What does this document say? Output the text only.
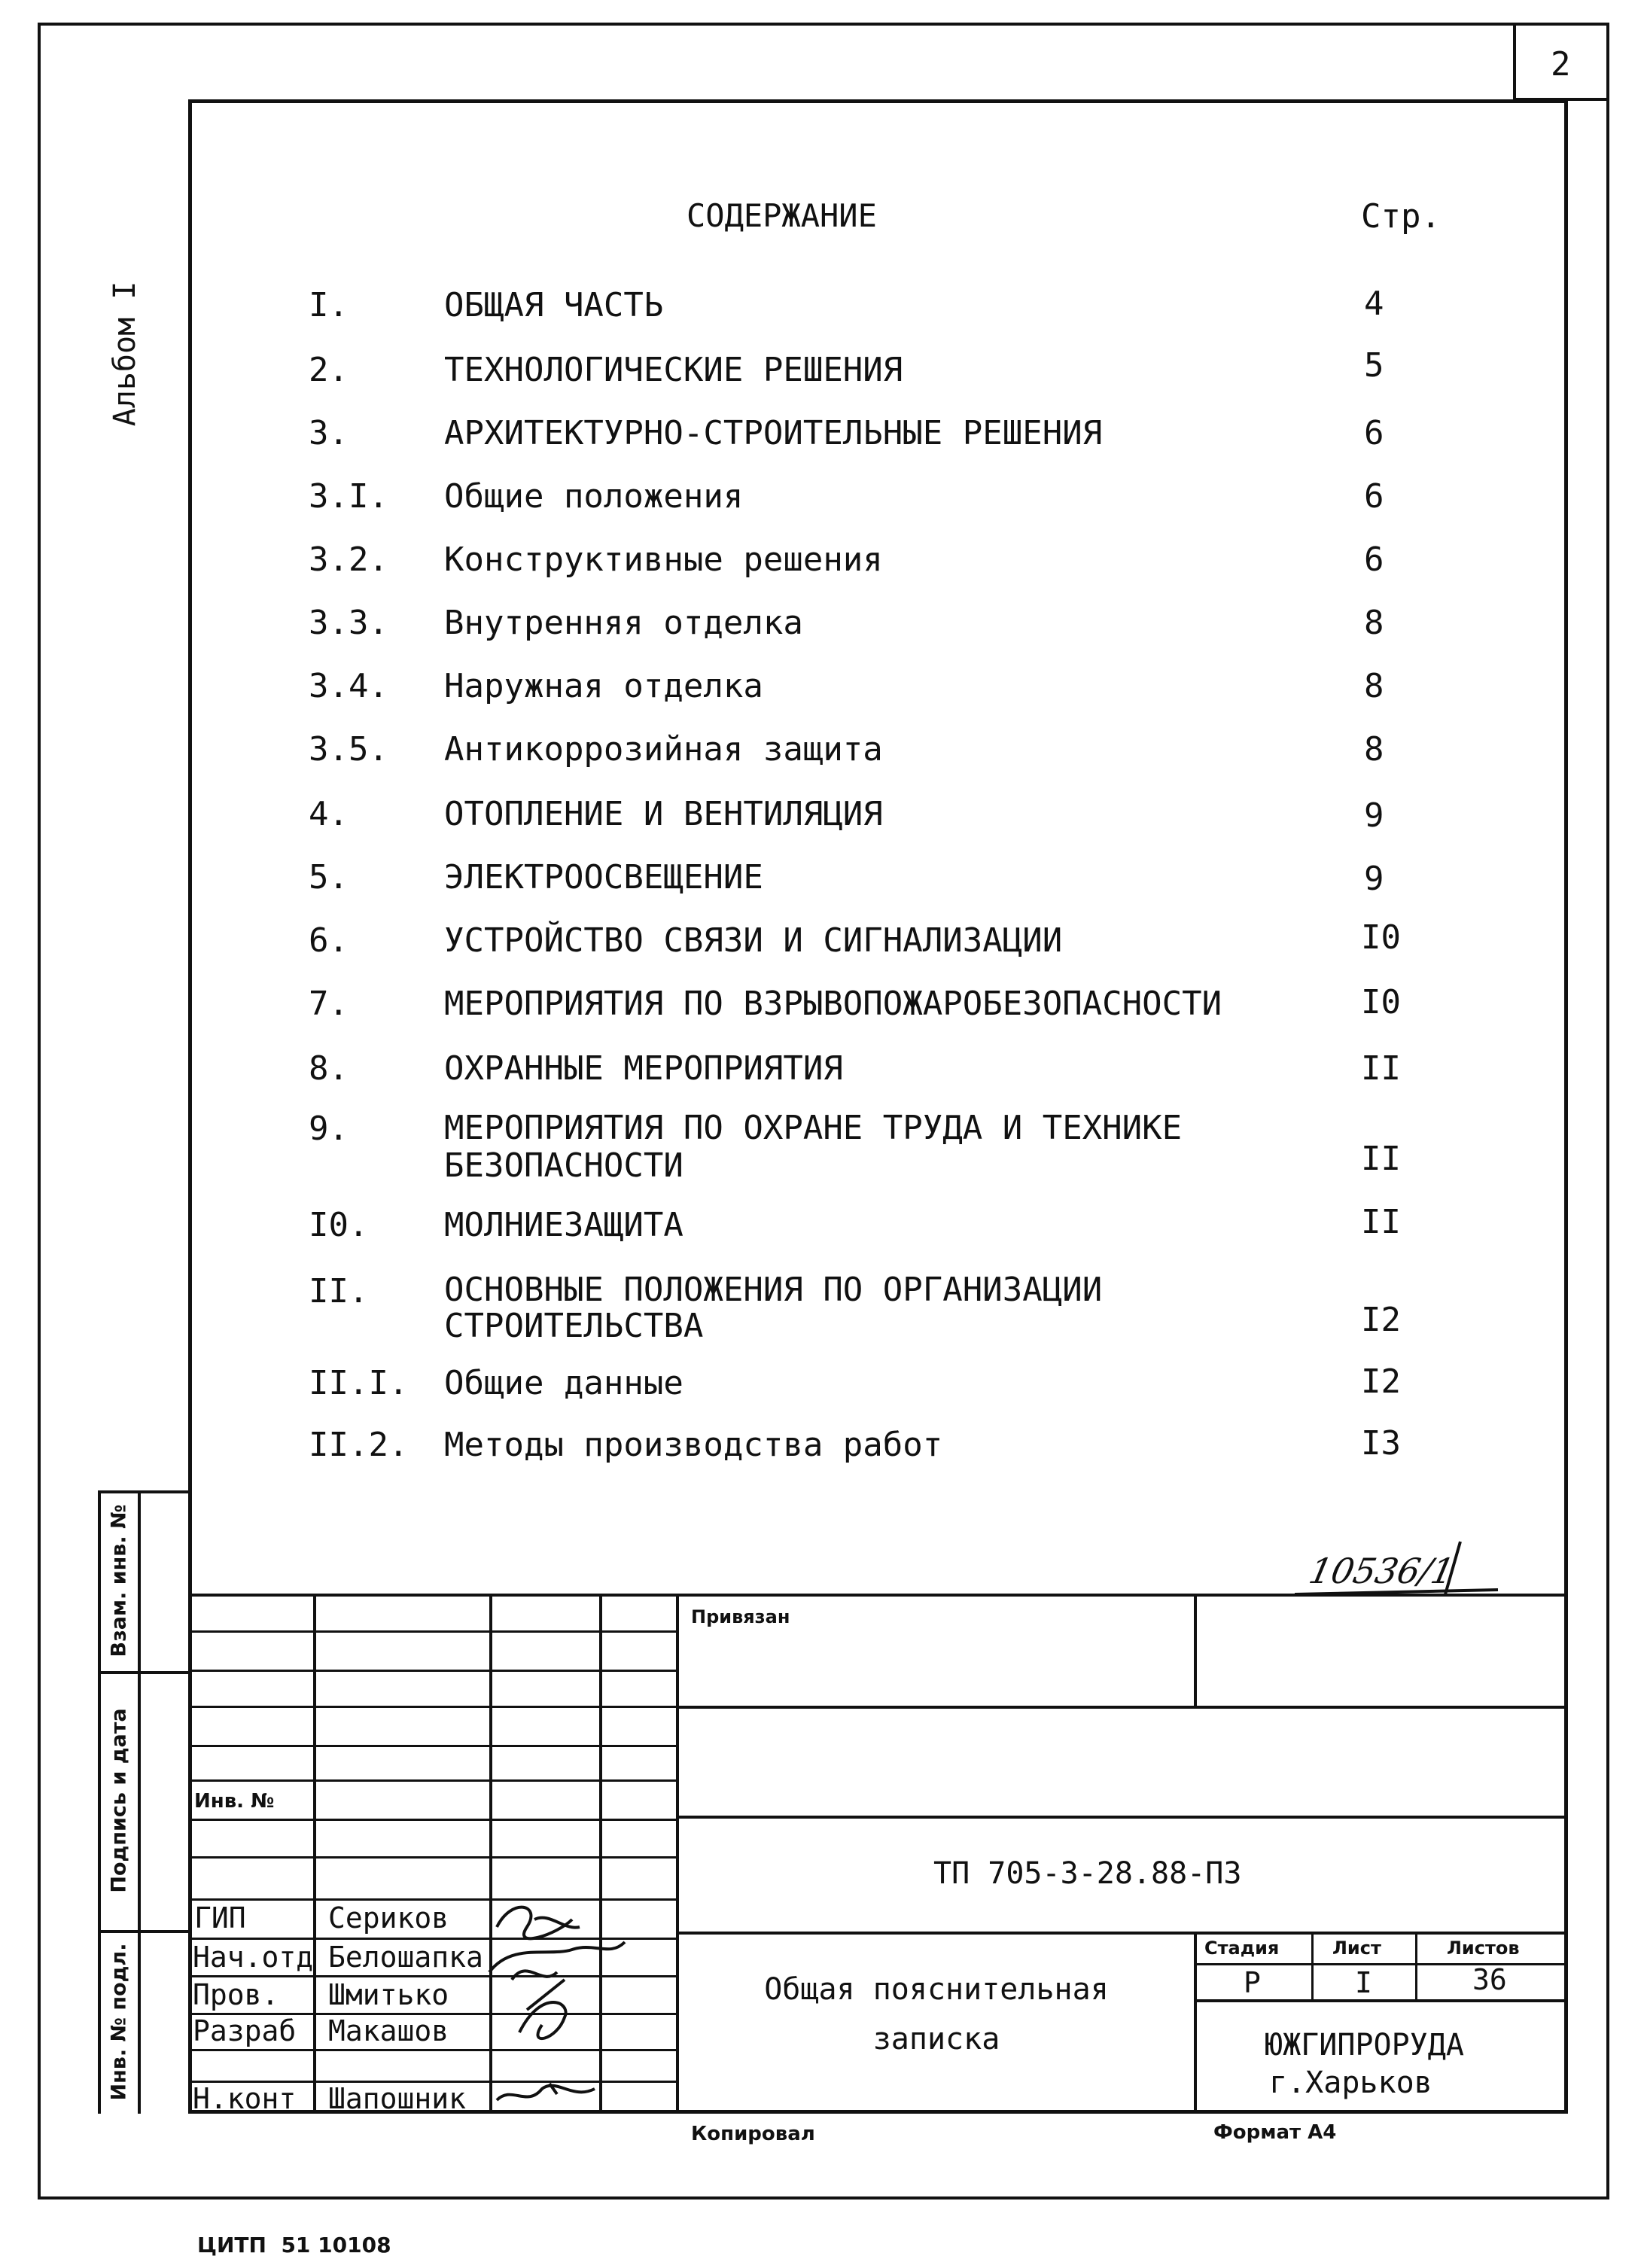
2
Альбом I
СОДЕРЖАНИЕ	Стр.
I.	ОБЩАЯ ЧАСТЬ	4
2.	ТЕХНОЛОГИЧЕСКИЕ РЕШЕНИЯ	5
3.	АРХИТЕКТУРНО-СТРОИТЕЛЬНЫЕ РЕШЕНИЯ	6
3.I. Общие положения	6
3.2. Конструктивные решения	6
3.3. Внутренняя отделка	8
3.4. Наружная отделка	8
3.5. Антикоррозийная защита	8
4.	ОТОПЛЕНИЕ И ВЕНТИЛЯЦИЯ	9
5.	ЭЛЕКТРООСВЕЩЕНИЕ	9
6.	УСТРОЙСТВО СВЯЗИ И СИГНАЛИЗАЦИИ	I0
7.	МЕРОПРИЯТИЯ ПО ВЗРЫВОПОЖАРОБЕЗОПАСНОСТИ	I0
8.	ОХРАННЫЕ МЕРОПРИЯТИЯ	II
9.	МЕРОПРИЯТИЯ ПО ОХРАНЕ ТРУДА И ТЕХНИКЕ
БЕЗОПАСНОСТИ	II
I0. МОЛНИЕЗАЩИТА	II
II. ОСНОВНЫЕ ПОЛОЖЕНИЯ ПО ОРГАНИЗАЦИИ
СТРОИТЕЛЬСТВА	I2
II.I. Общие данные	I2
II.2. Методы производства работ	I3
10536/1
Взам. инв. №
Подпись и дата
Инв. № подл.
Привязан
Инв. №
ТП 705-3-28.88-ПЗ
Общая пояснительная
записка
Стадия	Лист	Листов
Р	I	36
ЮЖГИПРОРУДА
г.Харьков
ГИП	Сериков
Нач.отд Белошапка
Пров. Шмитько
Разраб Макашов
Н.конт Шапошник
Копировал	Формат А4
ЦИТП  51 10108
